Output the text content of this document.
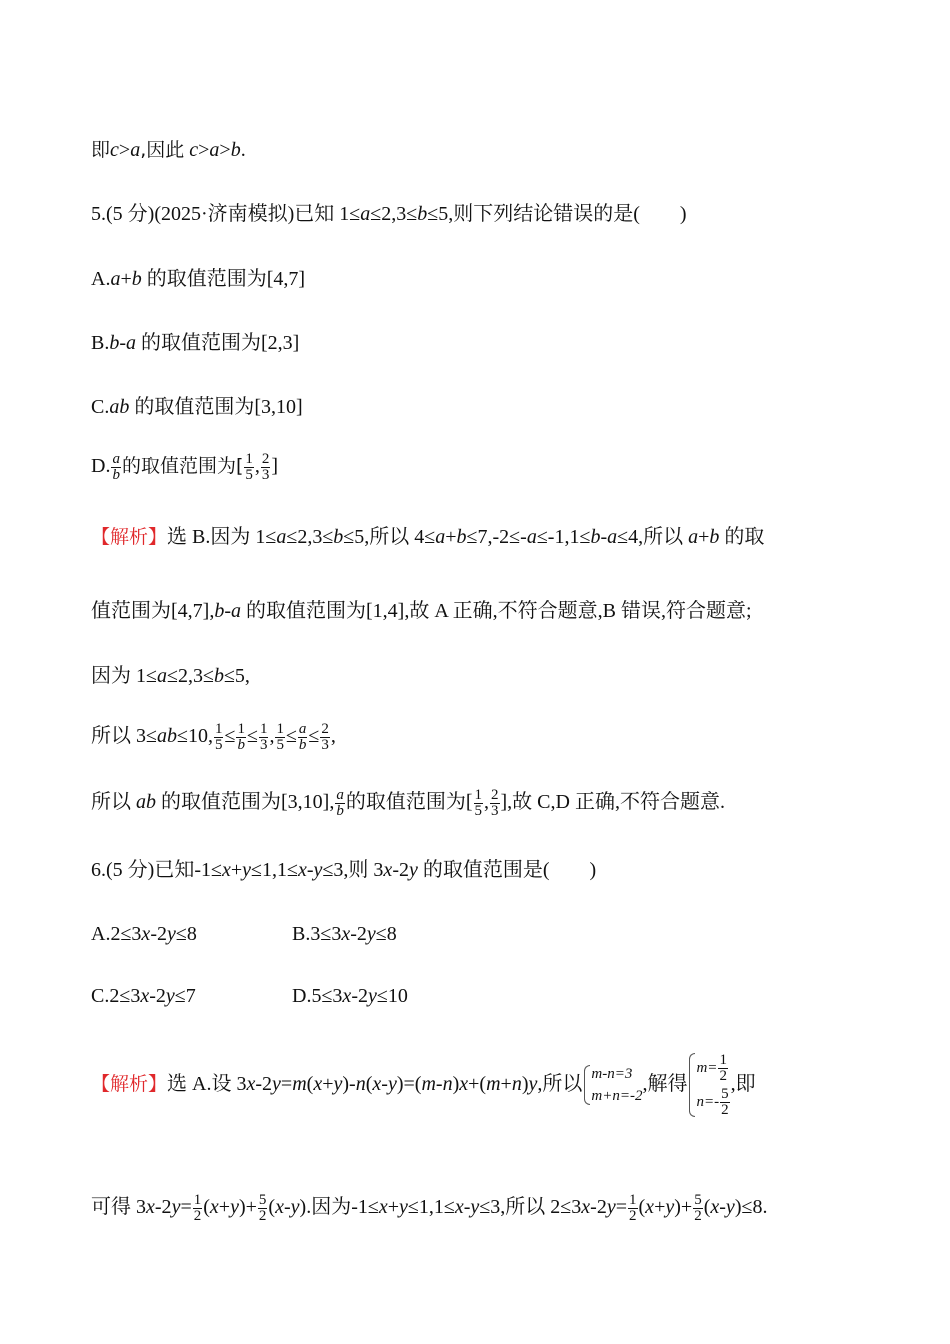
即c>a,因此 c>a>b.
5.(5 分)(2025·济南模拟)已知 1≤a≤2,3≤b≤5,则下列结论错误的是( )
A.a+b 的取值范围为[4,7]
B.b-a 的取值范围为[2,3]
C.ab 的取值范围为[3,10]
D. $\frac{a}{b}$ 的取值范围为[ $\frac{1}{5}$ , $\frac{2}{3}$ ]
【解析】选 B.因为 1≤a≤2,3≤b≤5,所以 4≤a+b≤7,-2≤-a≤-1,1≤b-a≤4,所以 a+b 的取
值范围为[4,7],b-a 的取值范围为[1,4],故 A 正确,不符合题意,B 错误,符合题意;
因为 1≤a≤2,3≤b≤5,
所以 3≤ab≤10, $\frac{1}{5} \le \frac{1}{b} \le \frac{1}{3}$ , $\frac{1}{5} \le \frac{a}{b} \le \frac{2}{3}$ ,
所以 ab 的取值范围为[3,10], $\frac{a}{b}$ 的取值范围为[ $\frac{1}{5}$ , $\frac{2}{3}$ ],故 C,D 正确,不符合题意.
6.(5 分)已知-1≤x+y≤1,1≤x-y≤3,则 3x-2y 的取值范围是( )
A.2≤3x-2y≤8	B.3≤3x-2y≤8
C.2≤3x-2y≤7	D.5≤3x-2y≤10
【解析】选 A.设 3x-2y=m(x+y)-n(x-y)=(m-n)x+(m+n)y,所以 m-n=3
m+n=-2
,解得
$m= \frac{1}{2}$
$n=- \frac{5}{2}$
,即
可得 $3x-2y= \frac{1}{2} (x+y)+ \frac{5}{2} (x-y)$.因为-1≤x+y≤1,1≤x-y≤3,所以 $2\le 3x-2y= \frac{1}{2} (x+y)+ \frac{5}{2} (x-y)\le 8$.
